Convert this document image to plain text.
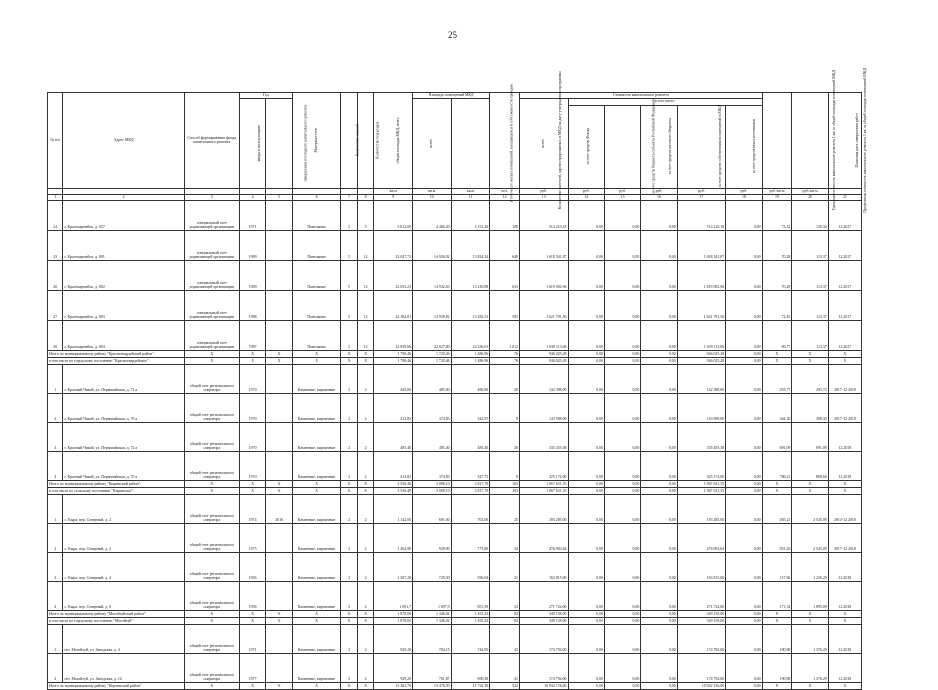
25
№ п/п	Адрес МКД	Способ формирования фонда капитального ремонта	Год		Материал стен	Количество этажей	Количество подъездов	общая площадь МКД, всего	Площадь помещений МКД		Количество жителей, зарегистрированных в МКД на дату утверждения программы	Стоимость капитального ремонта						Удельная стоимость капитального ремонта 1 кв. м общей площади помещений МКД	Предельная стоимость капитального ремонта 1 кв. м общей площади помещений МКД	Плановая дата завершения работ
			ввода в эксплуатацию	завершения последнего капитального ремонта					всего	в том числе жилых помещений, находящихся в собственности граждан		всего	в том числе:							
													за счет средств Фонда	за счет средств бюджета субъекта Российской Федерации	за счет средств местного бюджета	за счет средств собственников помещений в МКД	за счет средств иных источников			
								кв.м	кв.м	кв.м	чел.	руб.	руб.	руб.	руб.	руб.	руб.	руб./кв.м	руб./кв.м	
1	2	3	4	5	6	7	8	9	10	11	12	13	14	15	16	17	18	19	20	21
24	г. Красноармейск, д. 027	специальный счет управляющей организации	1971		Панельные	5	5	5 012,00	4 466,20	4 151,26	180	514 210,18	0,00	0,00	0,00	514 210,18	0,00	73,32	120,34	12.2017
25	г. Красноармейск, д. 801	специальный счет управляющей организации	1989		Панельные	5	12	22 027,72	14 926,92	13 824,34	648	1 618 341,87	0,00	0,00	0,00	1 618 341,87	0,00	70,28	113,37	12.2017
26	г. Красноармейск, д. 802	специальный счет управляющей организации	1989		Панельные	5	12	22 033,23	14 932,63	13 216,88	633	1 619 002,96	0,00	0,00	0,00	1 619 002,96	0,00	70,29	113,37	12.2017
27	г. Красноармейск, д. 803	специальный счет управляющей организации	1988		Панельные	5	12	22 384,01	14 928,82	13 282,31	583	1 621 791,56	0,00	0,00	0,00	1 621 791,56	0,00	72,45	113,37	12.2017
28	г. Красноармейск, д. 804	специальный счет управляющей организации	1987		Панельные	5	12	22 839,66	22 827,80	22 236,01	1 012	1 639 113,06	0,00	0,00	0,00	1 639 113,06	0,00	69,77	113,37	12.2017
Итого по муниципальному району "Красногвардейский район":		X	X	X	X	X	X	1 790,46	1 720,46	1 486,96	76	946 025,28	0,00	0,00	0,00	946 025,28	0,00	X	X	X
в том числе по городскому поселению "Красногвардейское":		X	X	X	X	X	X	1 790,46	1 720,46	1 486,96	76	946 025,28	0,00	0,00	0,00	946 025,28	0,00	X	X	X
1	г. Красный Чикой, ул. Первомайская, д. 72 а	общий счет регионального оператора	1970		Каменные, кирпичные	2	2	445,00	485,00	486,80	20	142 398,00	0,00	0,00	0,00	142 398,00	0,00	253,77	293,72	2017-12.2018
2	г. Красный Чикой, ул. Первомайская, д. 76 а	общий счет регионального оператора	1970		Каменные, кирпичные	2	2	413,83	374,83	342,97	8	143 998,00	0,00	0,00	0,00	143 998,00	0,00	344,30	388,43	2017-12.2018
3	г. Красный Чикой, ул. Первомайская, д. 72 а	общий счет регионального оператора	1970		Каменные, кирпичные	2	2	485,40	485,40	485,40	20	335 455,38	0,00	0,00	0,00	335 455,38	0,00	691,09	691,09	12.2018
4	г. Красный Чикой, ул. Первомайская, д. 70 а	общий счет регионального оператора	1970		Каменные, кирпичные	2	2	413,83	374,83	347,75	8	325 174,00	0,00	0,00	0,00	325 174,00	0,00	786,21	868,60	12.2018
Итого по муниципальному району "Кыринский район":		X	X	X	X	X	X	3 536,40	3 088,10	2 817,70	103	1 067 631,35	0,00	0,00	0,00	1 067 631,35	0,00	X	X	X
в том числе по сельскому поселению "Кыринское":		X	X	X	X	X	X	3 536,40	3 088,10	2 817,70	103	1 067 631,35	0,00	0,00	0,00	1 067 631,35	0,00	X	X	X
1	с. Кыра, пер. Северный, д. 2	общий счет регионального оператора	1974	2016	Каменные, кирпичные	2	2	1 142,00	691,00	702,00	25	183 285,00	0,00	0,00	0,00	183 285,00	0,00	265,21	2 545,09	2013-12.2018
2	с. Кыра, пер. Северный, д. 2	общий счет регионального оператора	1975		Каменные, кирпичные	2	2	1 362,90	928,90	773,80	34	476 903,64	0,00	0,00	0,00	476 903,64	0,00	831,20	2 545,09	2017-12.2018
3	с. Кыра, пер. Северный, д. 4	общий счет регионального оператора	1956		Каменные, кирпичные	2	2	1 367,20	729,30	556,04	21	163 815,00	0,00	0,00	0,00	163 815,00	0,00	117,66	1 226,29	12.2018
4	с. Кыра, пер. Северный, д. 6	общий счет регионального оператора	1956		Каменные, кирпичные	2	2	1 691,7	1 697,9	851,39	23	271 724,00	0,00	0,00	0,00	271 724,00	0,00	171,34	1 895,09	12.2018
Итого по муниципальному району "Могойтуйский район":		X	X	X	X	X	X	1 878,00	1 346,02	1 455,43	84	349 158,00	0,00	0,00	0,00	349 158,00	0,00	X	X	X
в том числе по городскому поселению "Могойтуй":		X	X	X	X	X	X	1 878,00	1 346,02	1 455,43	84	349 158,00	0,00	0,00	0,00	349 158,00	0,00	X	X	X
1	пгт. Могойтуй, ул. Заводская, д. 4	общий счет регионального оператора	1971		Каменные, кирпичные	2	2	929,20	784,15	744,95	43	174 794,00	0,00	0,00	0,00	174 794,00	0,00	190,88	1 376,29	12.2018
2	пгт. Могойтуй, ул. Заводская, д. 12	общий счет регионального оператора	1977		Каменные, кирпичные	2	2	929,20	761,87	690,48	41	174 794,00	0,00	0,00	0,00	174 794,00	0,00	190,88	1 376,29	12.2018
Итого по муниципальному району "Нерчинский район":		X	X	X	X	X	X	15 362,70	13 476,50	11 722,50	522	10 942 156,00	0,00	0,00	0,00	10 942 156,00	0,00	X	X	X
